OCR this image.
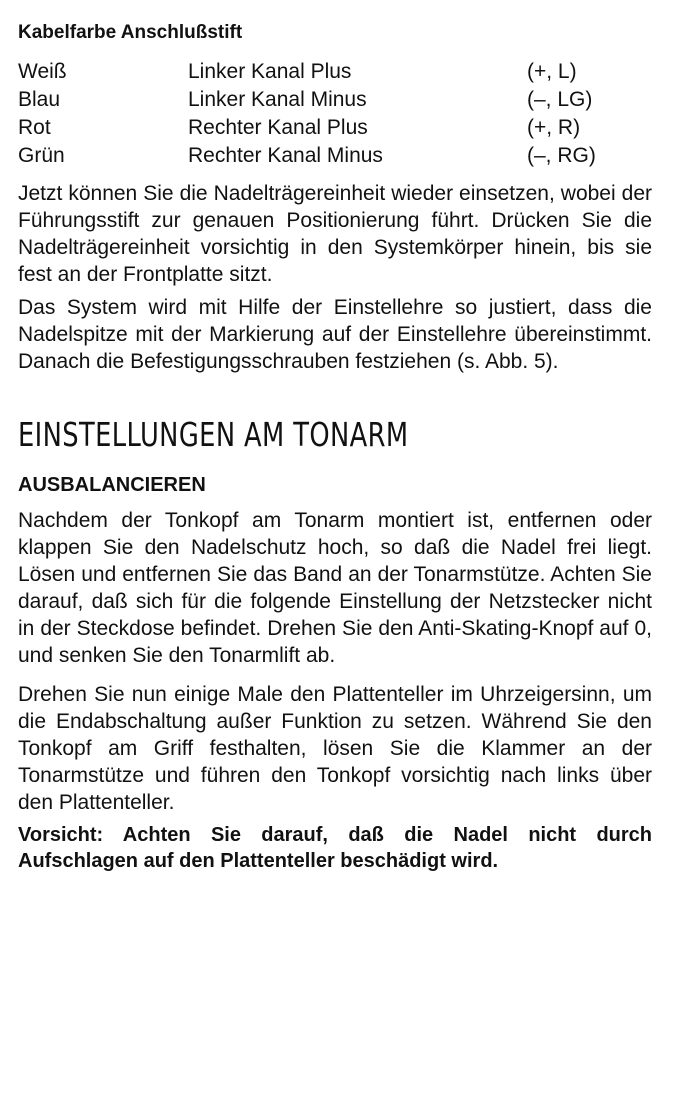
Kabelfarbe Anschlußstift
Weiß	Linker Kanal Plus	(+, L)
Blau	Linker Kanal Minus	(–, LG)
Rot	Rechter Kanal Plus	(+, R)
Grün	Rechter Kanal Minus	(–, RG)

Jetzt können Sie die Nadelträgereinheit wieder einsetzen, wobei der Führungsstift zur genauen Positionierung führt. Drücken Sie die Nadelträgereinheit vorsichtig in den Systemkörper hinein, bis sie fest an der Frontplatte sitzt.

Das System wird mit Hilfe der Einstellehre so justiert, dass die Nadelspitze mit der Markierung auf der Einstellehre übereinstimmt. Danach die Befestigungsschrauben festziehen (s. Abb. 5).

EINSTELLUNGEN AM TONARM
AUSBALANCIEREN

Nachdem der Tonkopf am Tonarm montiert ist, entfernen oder klappen Sie den Nadelschutz hoch, so daß die Nadel frei liegt. Lösen und entfernen Sie das Band an der Tonarmstütze. Achten Sie darauf, daß sich für die folgende Einstellung der Netzstecker nicht in der Steckdose befindet. Drehen Sie den Anti-Skating-Knopf auf 0, und senken Sie den Tonarmlift ab.

Drehen Sie nun einige Male den Plattenteller im Uhrzeigersinn, um die Endabschaltung außer Funktion zu setzen. Während Sie den Tonkopf am Griff festhalten, lösen Sie die Klammer an der Tonarmstütze und führen den Tonkopf vorsichtig nach links über den Plattenteller.

Vorsicht: Achten Sie darauf, daß die Nadel nicht durch Aufschlagen auf den Plattenteller beschädigt wird.
